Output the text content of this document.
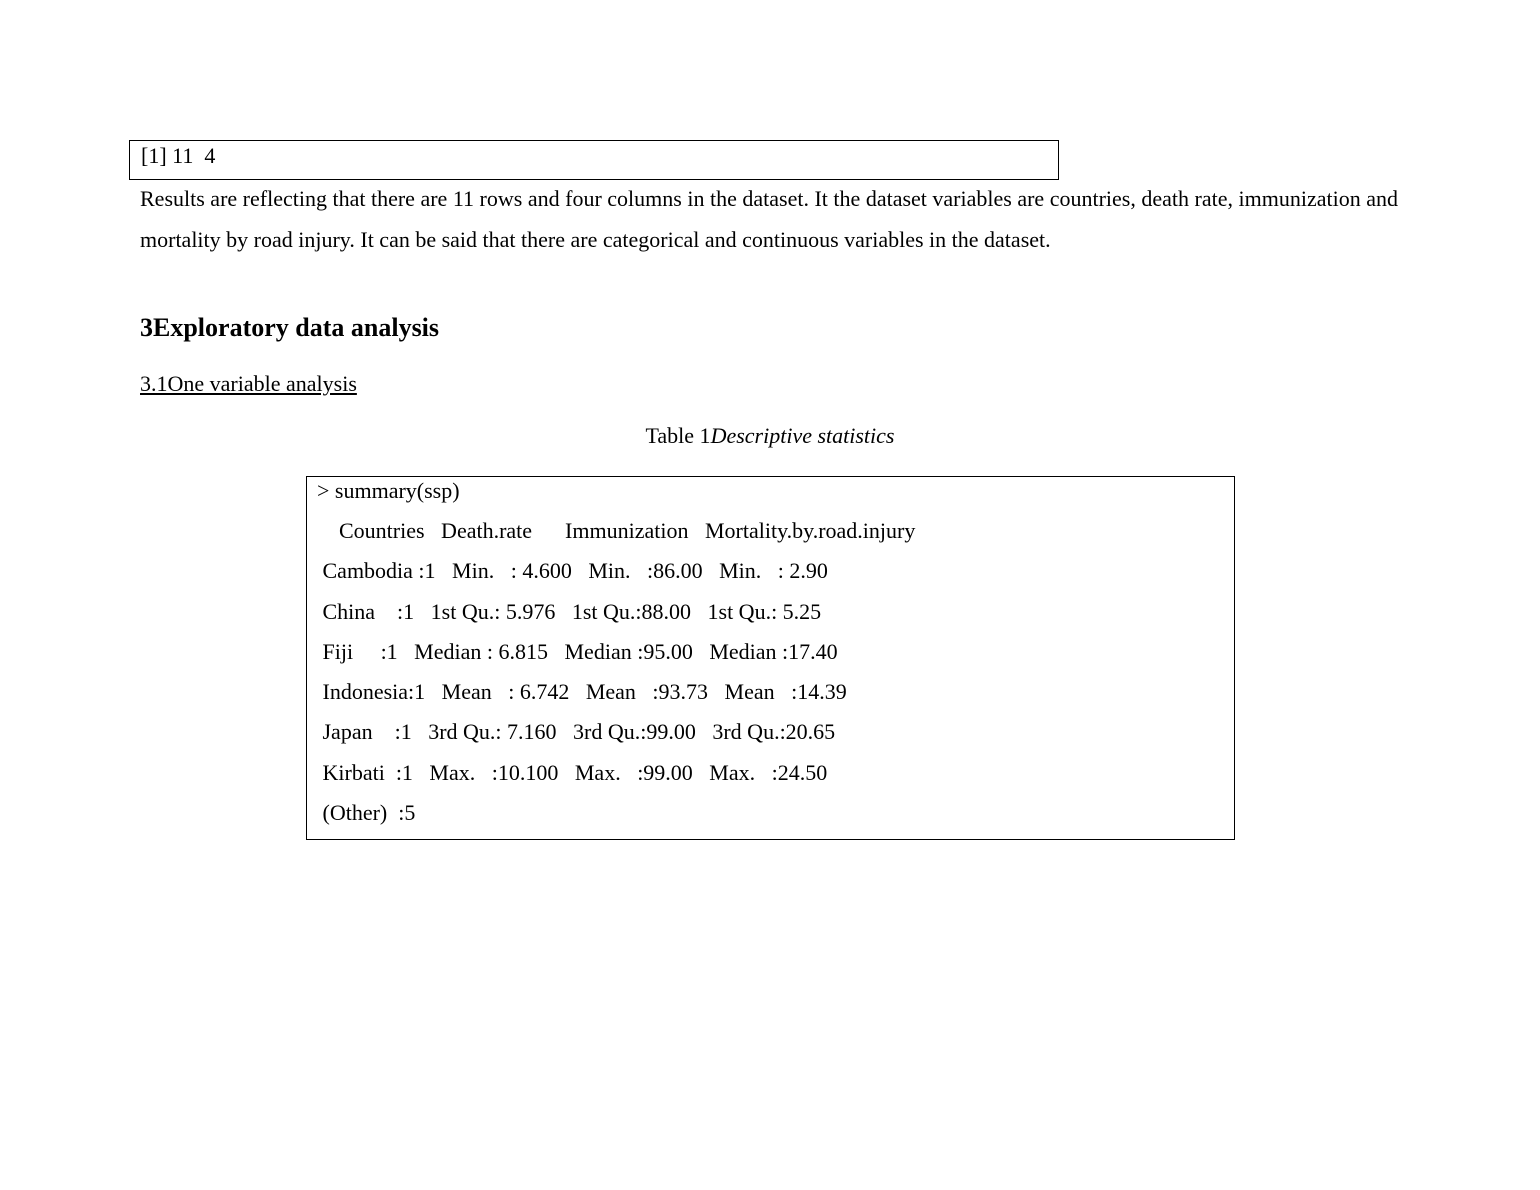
[1] 11  4
Results are reflecting that there are 11 rows and four columns in the dataset. It the dataset variables are countries, death rate, immunization and mortality by road injury. It can be said that there are categorical and continuous variables in the dataset.
3Exploratory data analysis
3.1One variable analysis
Table 1Descriptive statistics
> summary(ssp)
Countries   Death.rate      Immunization   Mortality.by.road.injury
Cambodia :1   Min.   : 4.600   Min.   :86.00   Min.   : 2.90
China    :1   1st Qu.: 5.976   1st Qu.:88.00   1st Qu.: 5.25
Fiji     :1   Median : 6.815   Median :95.00   Median :17.40
Indonesia:1   Mean   : 6.742   Mean   :93.73   Mean   :14.39
Japan    :1   3rd Qu.: 7.160   3rd Qu.:99.00   3rd Qu.:20.65
Kirbati  :1   Max.   :10.100   Max.   :99.00   Max.   :24.50
(Other)  :5
